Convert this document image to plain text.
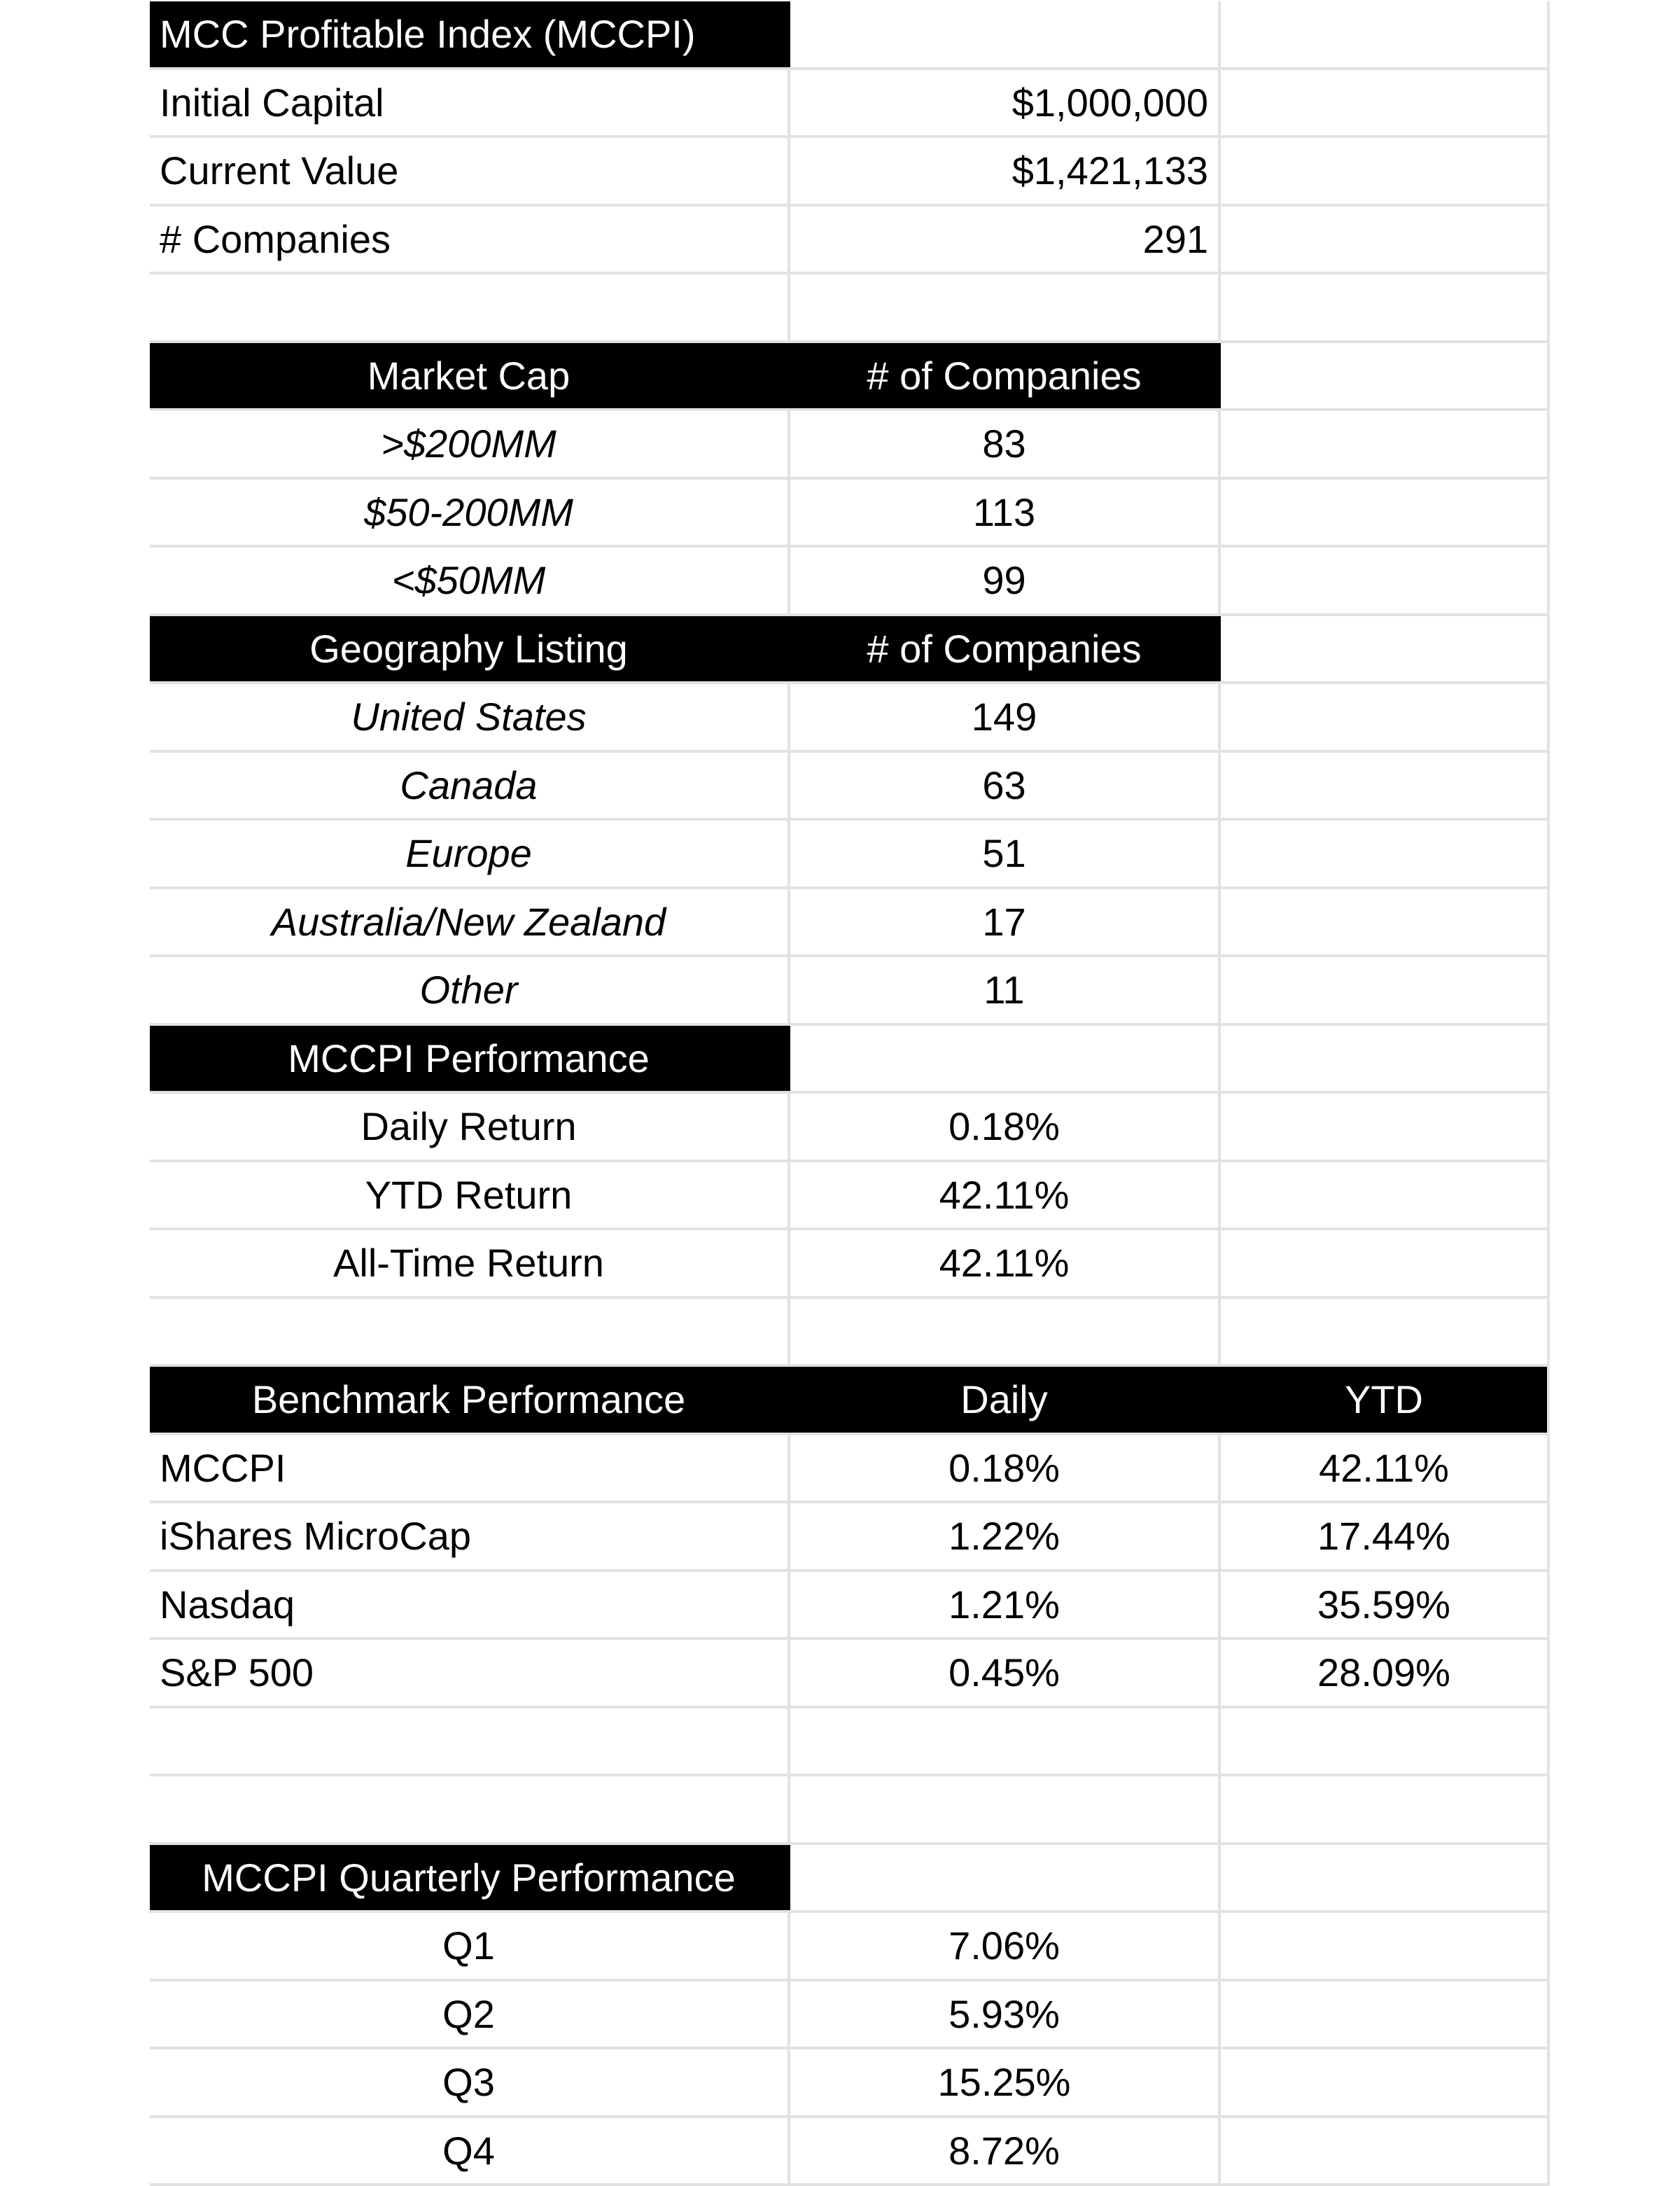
MCC Profitable Index (MCCPI)
Initial Capital	$1,000,000
Current Value	$1,421,133
# Companies	291
Market Cap	# of Companies
>$200MM	83
$50-200MM	113
<$50MM	99
Geography Listing	# of Companies
United States	149
Canada	63
Europe	51
Australia/New Zealand	17
Other	11
MCCPI Performance
Daily Return	0.18%
YTD Return	42.11%
All-Time Return	42.11%
Benchmark Performance	Daily	YTD
MCCPI	0.18%	42.11%
iShares MicroCap	1.22%	17.44%
Nasdaq	1.21%	35.59%
S&P 500	0.45%	28.09%
MCCPI Quarterly Performance
Q1	7.06%
Q2	5.93%
Q3	15.25%
Q4	8.72%
